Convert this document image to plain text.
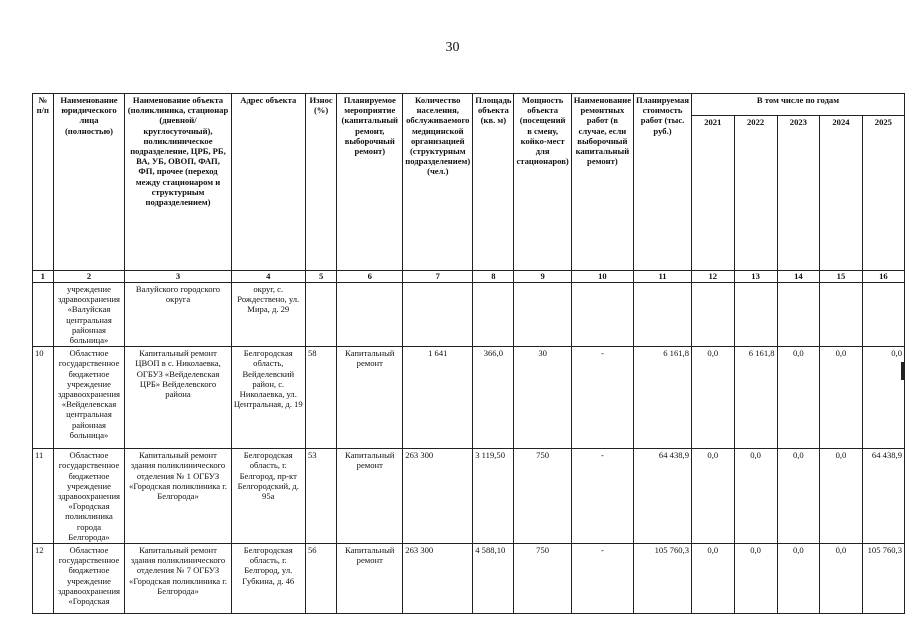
30
№ п/п	Наименование юридического лица (полностью)	Наименование объекта (поликлиника, стационар (дневной/круглосуточный), поликлиническое подразделение, ЦРБ, РБ, ВА, УБ, ОВОП, ФАП, ФП, прочее (переход между стационаром и структурным подразделением)	Адрес объекта	Износ (%)	Планируемое мероприятие (капитальный ремонт, выборочный ремонт)	Количество населения, обслуживаемого медицинской организацией (структурным подразделением) (чел.)	Площадь объекта (кв. м)	Мощность объекта (посещений в смену, койко-мест для стационаров)	Наименование ремонтных работ (в случае, если выборочный капитальный ремонт)	Планируемая стоимость работ (тыс. руб.)	В том числе по годам				
											2021	2022	2023	2024	2025
1	2	3	4	5	6	7	8	9	10	11	12	13	14	15	16
	учреждение здравоохранения «Валуйская центральная районная больница»	Валуйского городского округа	округ, с. Рождествено, ул. Мира, д. 29												
10	Областное государственное бюджетное учреждение здравоохранения «Вейделевская центральная районная больница»	Капитальный ремонт ЦВОП в с. Николаевка, ОГБУЗ «Вейделевская ЦРБ» Вейделевского района	Белгородская область, Вейделевский район, с. Николаевка, ул. Центральная, д. 19	58	Капитальный ремонт	1 641	366,0	30	-	6 161,8	0,0	6 161,8	0,0	0,0	0,0
11	Областное государственное бюджетное учреждение здравоохранения «Городская поликлиника города Белгорода»	Капитальный ремонт здания поликлинического отделения № 1 ОГБУЗ «Городская поликлиника г. Белгорода»	Белгородская область, г. Белгород, пр-кт Белгородский, д. 95а	53	Капитальный ремонт	263 300	3 119,50	750	-	64 438,9	0,0	0,0	0,0	0,0	64 438,9
12	Областное государственное бюджетное учреждение здравоохранения «Городская	Капитальный ремонт здания поликлинического отделения № 7 ОГБУЗ «Городская поликлиника г. Белгорода»	Белгородская область, г. Белгород, ул. Губкина, д. 46	56	Капитальный ремонт	263 300	4 588,10	750	-	105 760,3	0,0	0,0	0,0	0,0	105 760,3
